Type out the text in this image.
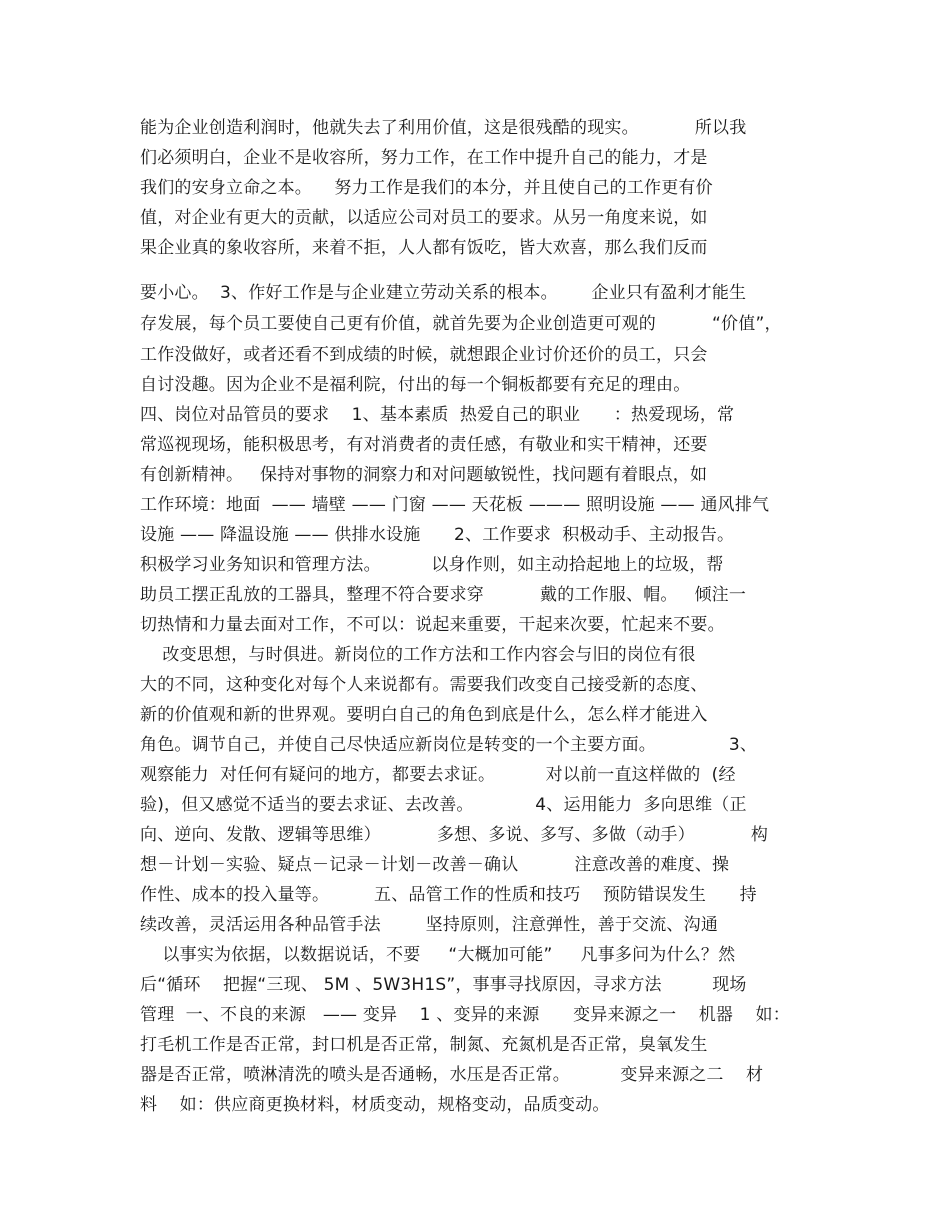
能为企业创造利润时，他就失去了利用价值，这是很残酷的现实。          所以我
们必须明白，企业不是收容所，努力工作，在工作中提升自己的能力，才是
我们的安身立命之本。    努力工作是我们的本分，并且使自己的工作更有价
值，对企业有更大的贡献，以适应公司对员工的要求。从另一角度来说，如
果企业真的象收容所，来着不拒，人人都有饭吃，皆大欢喜，那么我们反而
要小心。  3、作好工作是与企业建立劳动关系的根本。      企业只有盈利才能生
存发展，每个员工要使自己更有价值，就首先要为企业创造更可观的          “价值”，
工作没做好，或者还看不到成绩的时候，就想跟企业讨价还价的员工，只会
自讨没趣。因为企业不是福利院，付出的每一个铜板都要有充足的理由。
四、岗位对品管员的要求    1、基本素质  热爱自己的职业      ：热爱现场，常
常巡视现场，能积极思考，有对消费者的责任感，有敬业和实干精神，还要
有创新精神。   保持对事物的洞察力和对问题敏锐性，找问题有着眼点，如
工作环境：地面  —— 墙壁 —— 门窗 —— 天花板 ——— 照明设施 —— 通风排气
设施 —— 降温设施 —— 供排水设施      2、工作要求  积极动手、主动报告。
积极学习业务知识和管理方法。         以身作则，如主动拾起地上的垃圾，帮
助员工摆正乱放的工器具，整理不符合要求穿          戴的工作服、帽。   倾注一
切热情和力量去面对工作，不可以：说起来重要，干起来次要，忙起来不要。
改变思想，与时俱进。新岗位的工作方法和工作内容会与旧的岗位有很
大的不同，这种变化对每个人来说都有。需要我们改变自己接受新的态度、
新的价值观和新的世界观。要明白自己的角色到底是什么，怎么样才能进入
角色。调节自己，并使自己尽快适应新岗位是转变的一个主要方面。             3、
观察能力  对任何有疑问的地方，都要去求证。         对以前一直这样做的  (经
验)，但又感觉不适当的要去求证、去改善。           4、运用能力  多向思维（正
向、逆向、发散、逻辑等思维）          多想、多说、多写、多做（动手）          构
想－计划－实验、疑点－记录－计划－改善－确认          注意改善的难度、操
作性、成本的投入量等。        五、品管工作的性质和技巧    预防错误发生      持
续改善，灵活运用各种品管手法        坚持原则，注意弹性，善于交流、沟通
以事实为依据，以数据说话，不要     “大概加可能”     凡事多问为什么？然
后“循环    把握“三现、 5M 、5W3H1S”，事事寻找原因，寻求方法         现场
管理  一、不良的来源   —— 变异    1 、变异的来源      变异来源之一    机器    如：
打毛机工作是否正常，封口机是否正常，制氮、充氮机是否正常，臭氧发生
器是否正常，喷淋清洗的喷头是否通畅，水压是否正常。         变异来源之二    材
料    如：供应商更换材料，材质变动，规格变动，品质变动。
